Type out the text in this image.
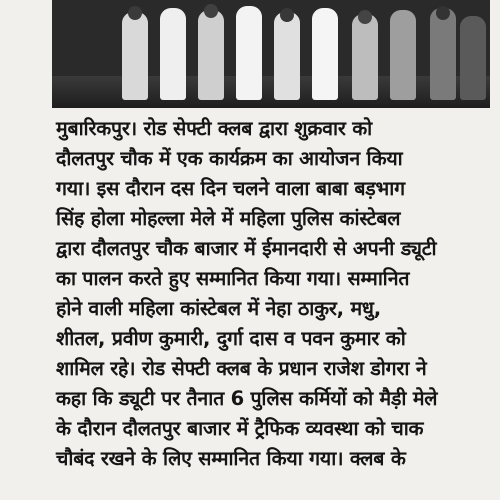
मुबारिकपुर। रोड सेफ्टी क्लब द्वारा शुक्रवार को
दौलतपुर चौक में एक कार्यक्रम का आयोजन किया
गया। इस दौरान दस दिन चलने वाला बाबा बड़भाग
सिंह होला मोहल्ला मेले में महिला पुलिस कांस्टेबल
द्वारा दौलतपुर चौक बाजार में ईमानदारी से अपनी ड्यूटी
का पालन करते हुए सम्मानित किया गया। सम्मानित
होने वाली महिला कांस्टेबल में नेहा ठाकुर, मधु,
शीतल, प्रवीण कुमारी, दुर्गा दास व पवन कुमार को
शामिल रहे। रोड सेफ्टी क्लब के प्रधान राजेश डोगरा ने
कहा कि ड्यूटी पर तैनात 6 पुलिस कर्मियों को मैड़ी मेले
के दौरान दौलतपुर बाजार में ट्रैफिक व्यवस्था को चाक
चौबंद रखने के लिए सम्मानित किया गया। क्लब के
